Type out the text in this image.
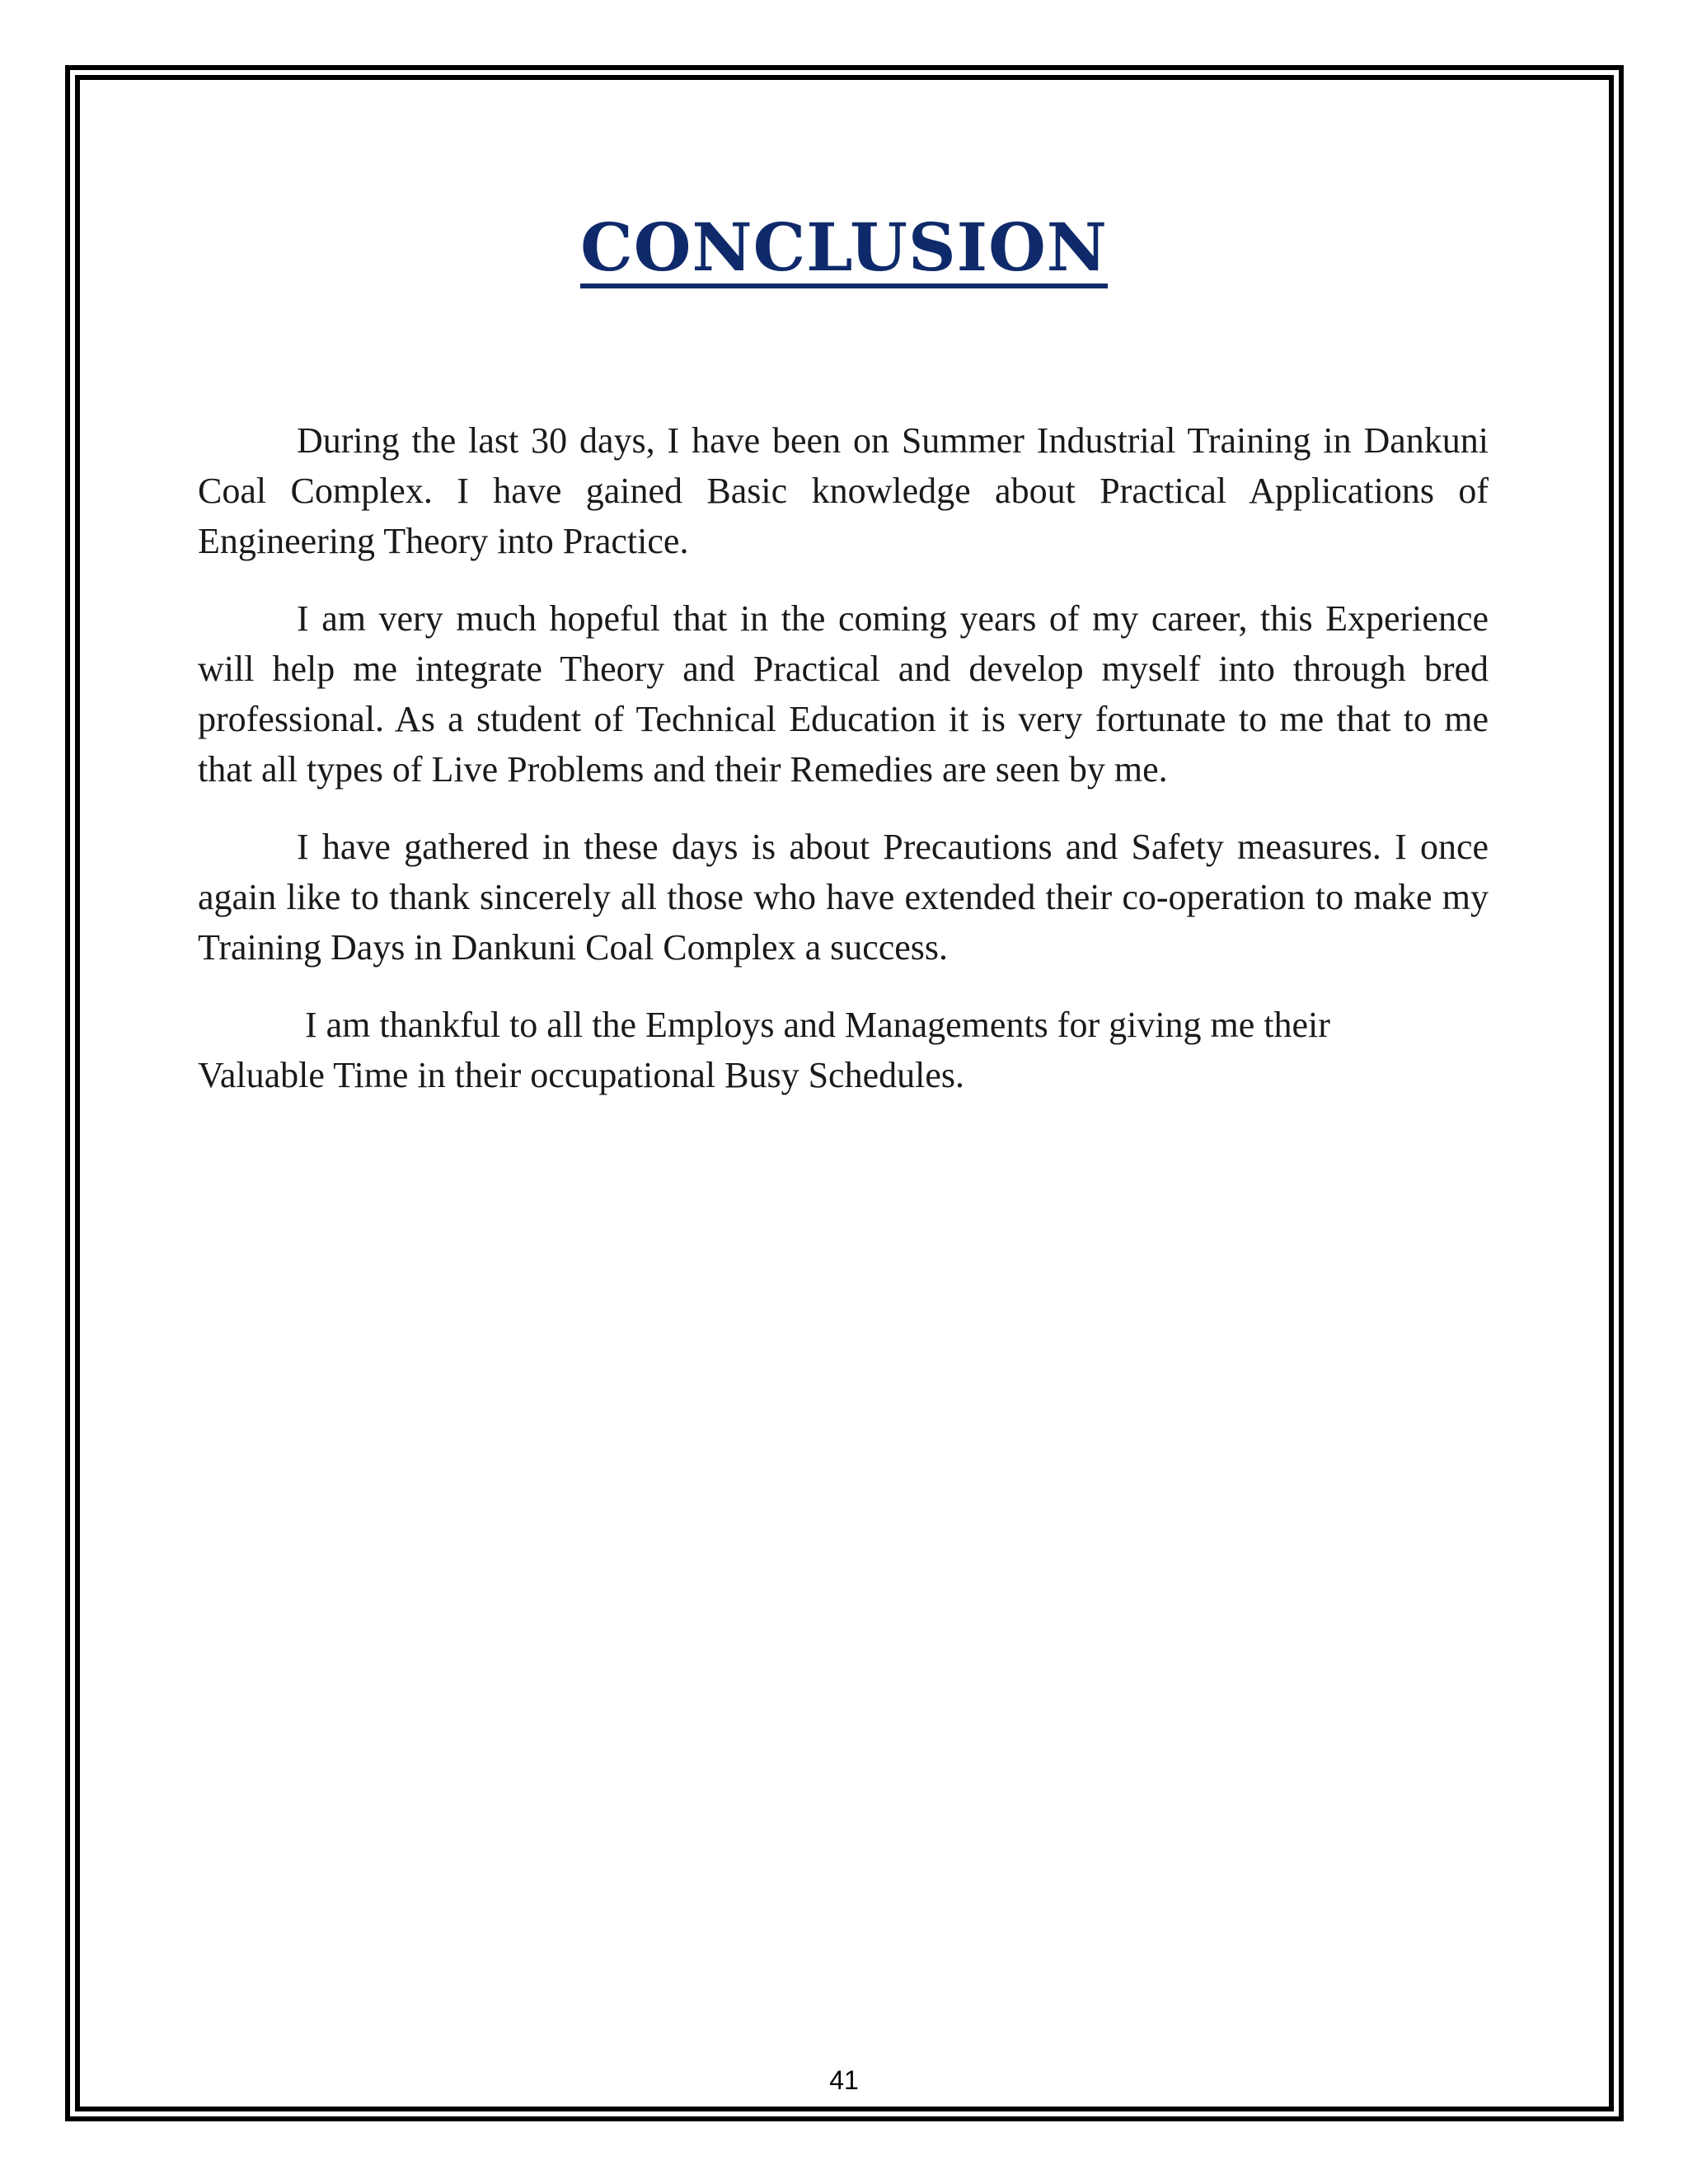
CONCLUSION

During the last 30 days, I have been on Summer Industrial Training in Dankuni Coal Complex. I have gained Basic knowledge about Practical Applications of Engineering Theory into Practice.

I am very much hopeful that in the coming years of my career, this Experience will help me integrate Theory and Practical and develop myself into through bred professional. As a student of Technical Education it is very fortunate to me that to me that all types of Live Problems and their Remedies are seen by me.

I have gathered in these days is about Precautions and Safety measures. I once again like to thank sincerely all those who have extended their co-operation to make my Training Days in Dankuni Coal Complex a success.

I am thankful to all the Employs and Managements for giving me their Valuable Time in their occupational Busy Schedules.

41
